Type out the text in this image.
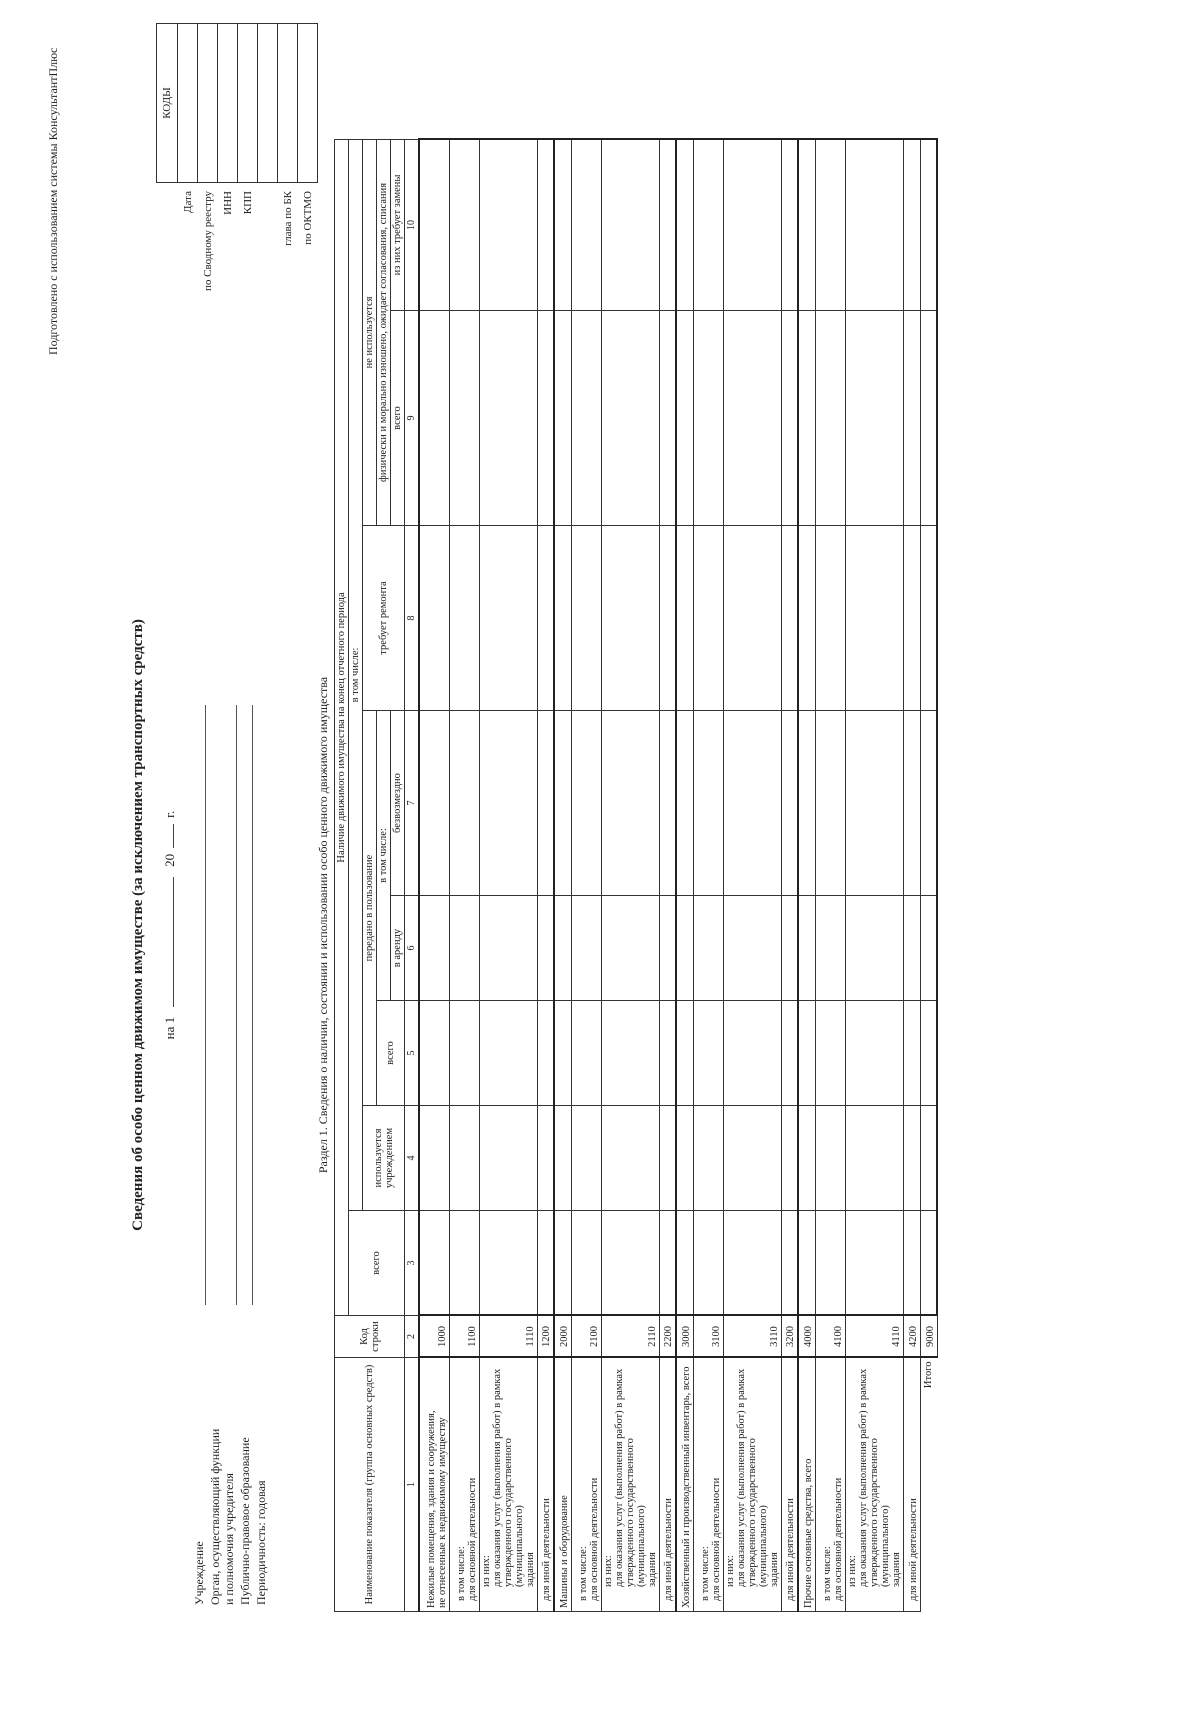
Подготовлено с использованием системы КонсультантПлюс
Сведения об особо ценном движимом имуществе (за исключением транспортных средств) на 120г.
Учреждение Орган, осуществляющий функции и полномочия учредителя Публично-правовое образование Периодичность: годовая
	КОДЫ
Дата	
по Сводному реестру	
ИНН	
КПП	

глава по БК	
по ОКТМО	
Раздел 1. Сведения о наличии, состоянии и использовании особо ценного движимого имущества
Наименование показателя (группа основных средств)	Код строки	Наличие движимого имущества на конец отчетного периода							
		всего	в том числе:						
			используется учреждением	передано в пользование			требует ремонта	не используется	
				всего	в том числе:			физически и морально изношено, ожидает согласования, списания	
					в аренду	безвозмездно		всего	из них требует замены
1	2	3	4	5	6	7	8	9	10

Нежилые помещения, здания и сооружения, не отнесенные к недвижимому имуществу	1000								

в том числе: для основной деятельности	1100								

из них: для оказания услуг (выполнения работ) в рамках утвержденного государственного (муниципального) задания	1110								

для иной деятельности	1200								

Машины и оборудование	2000								

в том числе: для основной деятельности	2100								

из них: для оказания услуг (выполнения работ) в рамках утвержденного государственного (муниципального) задания	2110								

для иной деятельности	2200								

Хозяйственный и производственный инвентарь, всего	3000								

в том числе: для основной деятельности	3100								

из них: для оказания услуг (выполнения работ) в рамках утвержденного государственного (муниципального) задания	3110								

для иной деятельности	3200								

Прочие основные средства, всего	4000								

в том числе: для основной деятельности	4100								

из них: для оказания услуг (выполнения работ) в рамках утвержденного государственного (муниципального) задания	4110								

для иной деятельности	4200								

Итого	9000								
